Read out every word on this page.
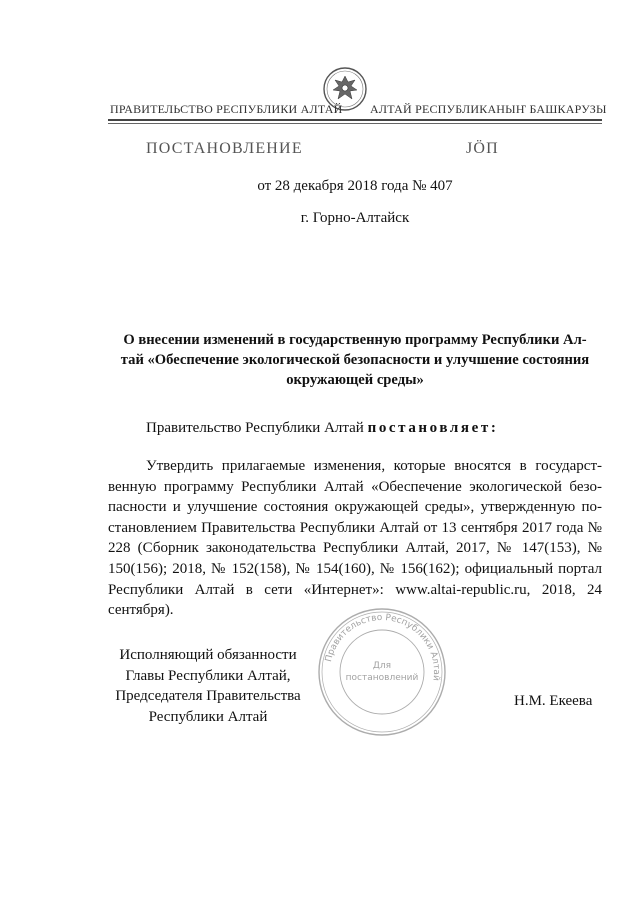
ПРАВИТЕЛЬСТВО РЕСПУБЛИКИ АЛТАЙ АЛТАЙ РЕСПУБЛИКАНЫҤ БАШКАРУЗЫ
ПОСТАНОВЛЕНИЕ	JÖП
от 28 декабря 2018 года № 407
г. Горно-Алтайск
О внесении изменений в государственную программу Республики Ал-
тай «Обеспечение экологической безопасности и улучшение состояния
окружающей среды»
Правительство Республики Алтай постановляет:
Утвердить прилагаемые изменения, которые вносятся в государст-венную программу Республики Алтай «Обеспечение экологической безо-пасности и улучшение состояния окружающей среды», утвержденную по-становлением Правительства Республики Алтай от 13 сентября 2017 года № 228 (Сборник законодательства Республики Алтай, 2017, № 147(153), № 150(156); 2018, № 152(158), № 154(160), № 156(162); официальный портал Республики Алтай в сети «Интернет»: www.altai-republic.ru, 2018, 24 сентября).
Исполняющий обязанности
Главы Республики Алтай,
Председателя Правительства
Республики Алтай
Правительство Республики Алтай
Для
постановлений
Н.М. Екеева
